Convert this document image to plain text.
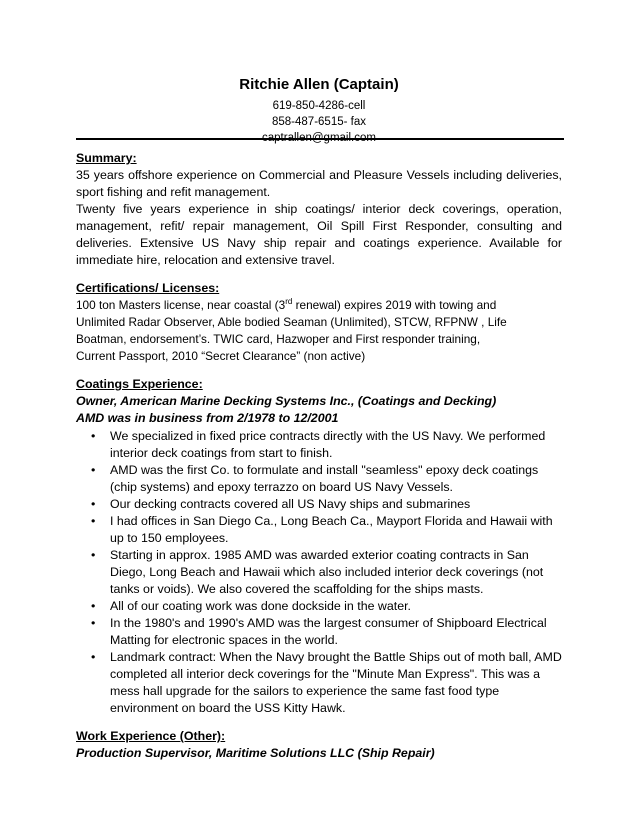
Ritchie Allen (Captain)

619-850-4286-cell

858-487-6515- fax

captrallen@gmail.com

Summary:

35 years offshore experience on Commercial and Pleasure Vessels including deliveries, sport fishing and refit management.

Twenty five years experience in ship coatings/ interior deck coverings, operation, management, refit/ repair management, Oil Spill First Responder, consulting and deliveries. Extensive US Navy ship repair and coatings experience. Available for immediate hire, relocation and extensive travel.

Certifications/ Licenses:

100 ton Masters license, near coastal (3rd renewal) expires 2019 with towing and

Unlimited Radar Observer, Able bodied Seaman (Unlimited), STCW, RFPNW , Life

Boatman, endorsement’s. TWIC card, Hazwoper and First responder training,

Current Passport, 2010 “Secret Clearance” (non active)

Coatings Experience:

Owner, American Marine Decking Systems Inc., (Coatings and Decking)

AMD was in business from 2/1978 to 12/2001

• We specialized in fixed price contracts directly with the US Navy. We performed interior deck coatings from start to finish.
• AMD was the first Co. to formulate and install "seamless" epoxy deck coatings (chip systems) and epoxy terrazzo on board US Navy Vessels.
• Our decking contracts covered all US Navy ships and submarines
• I had offices in San Diego Ca., Long Beach Ca., Mayport Florida and Hawaii with up to 150 employees.
• Starting in approx. 1985 AMD was awarded exterior coating contracts in San Diego, Long Beach and Hawaii which also included interior deck coverings (not tanks or voids). We also covered the scaffolding for the ships masts.
• All of our coating work was done dockside in the water.
• In the 1980's and 1990's AMD was the largest consumer of Shipboard Electrical Matting for electronic spaces in the world.
• Landmark contract: When the Navy brought the Battle Ships out of moth ball, AMD completed all interior deck coverings for the "Minute Man Express". This was a mess hall upgrade for the sailors to experience the same fast food type environment on board the USS Kitty Hawk.

Work Experience (Other):

Production Supervisor, Maritime Solutions LLC (Ship Repair)
